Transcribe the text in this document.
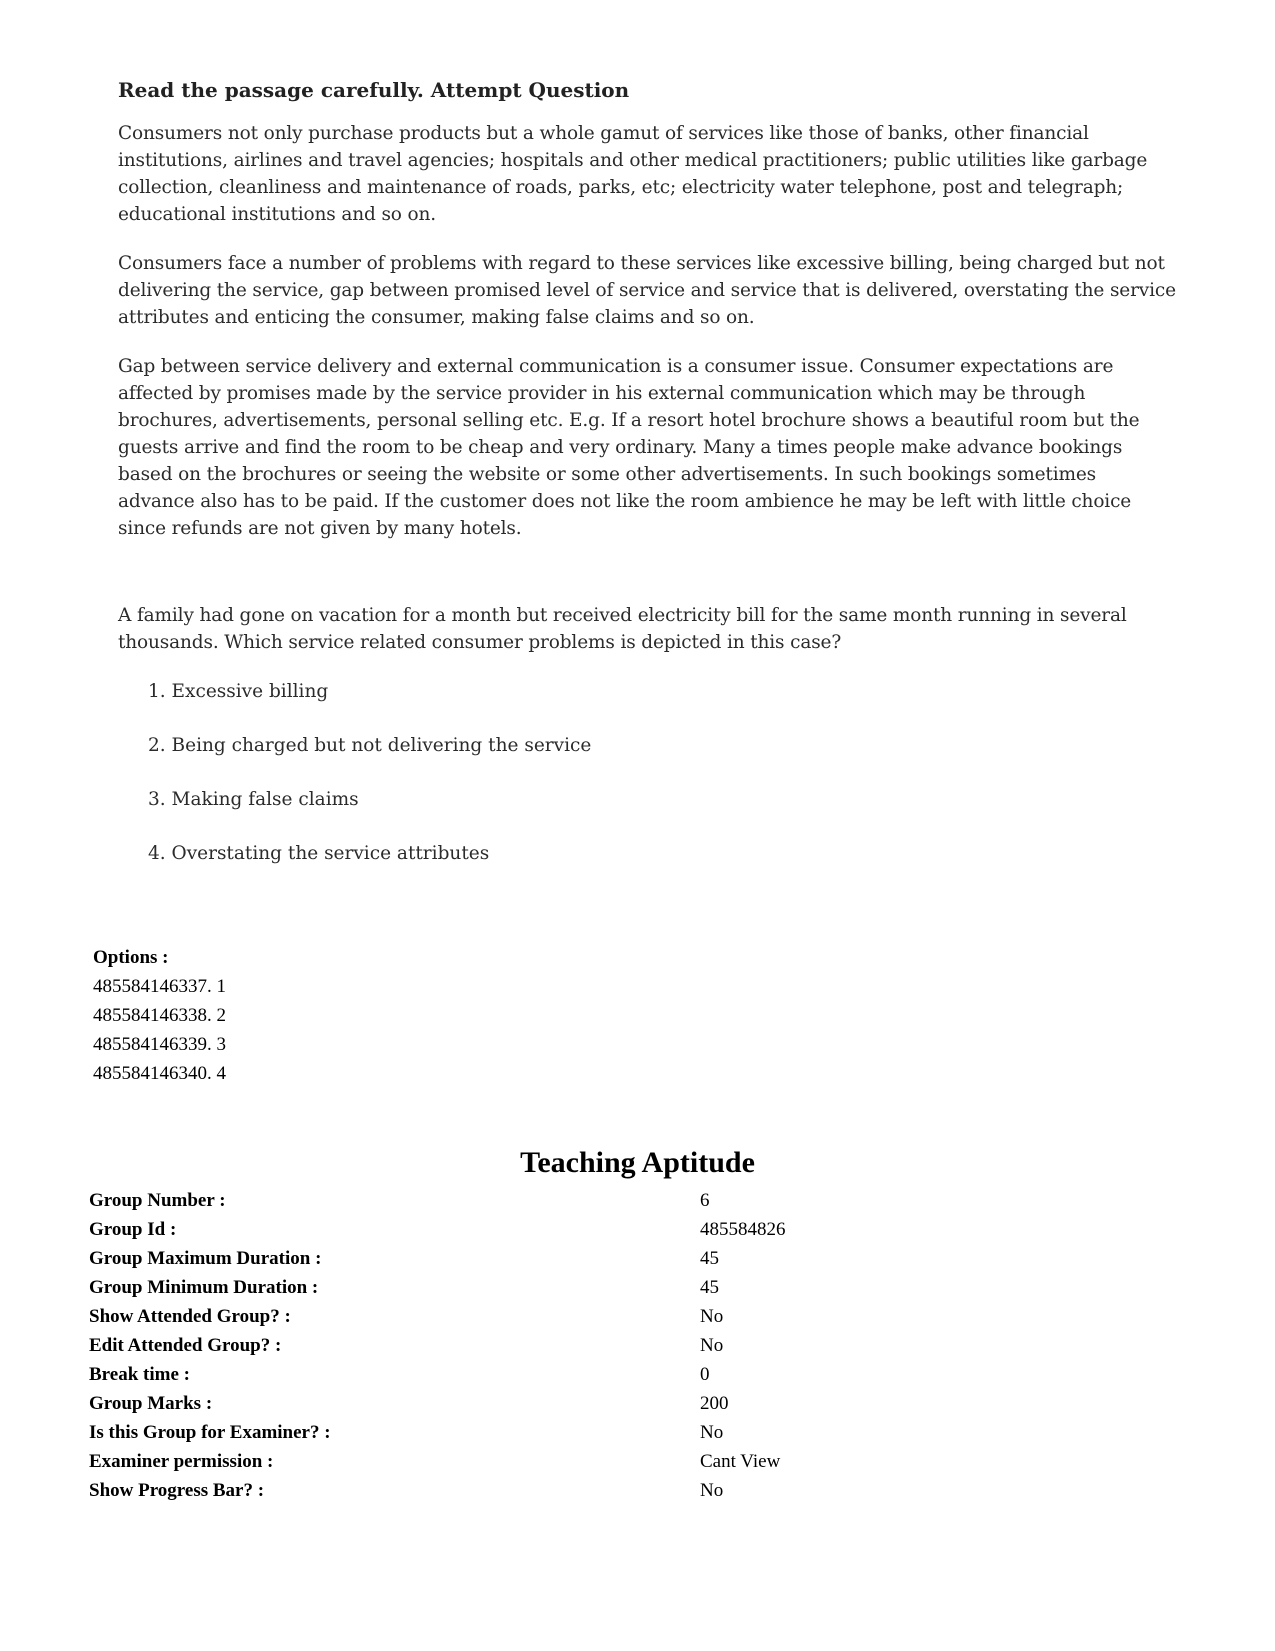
Read the passage carefully. Attempt Question

Consumers not only purchase products but a whole gamut of services like those of banks, other financial institutions, airlines and travel agencies; hospitals and other medical practitioners; public utilities like garbage collection, cleanliness and maintenance of roads, parks, etc; electricity water telephone, post and telegraph; educational institutions and so on.

Consumers face a number of problems with regard to these services like excessive billing, being charged but not delivering the service, gap between promised level of service and service that is delivered, overstating the service attributes and enticing the consumer, making false claims and so on.

Gap between service delivery and external communication is a consumer issue. Consumer expectations are affected by promises made by the service provider in his external communication which may be through brochures, advertisements, personal selling etc. E.g. If a resort hotel brochure shows a beautiful room but the guests arrive and find the room to be cheap and very ordinary. Many a times people make advance bookings based on the brochures or seeing the website or some other advertisements. In such bookings sometimes advance also has to be paid. If the customer does not like the room ambience he may be left with little choice since refunds are not given by many hotels.

A family had gone on vacation for a month but received electricity bill for the same month running in several thousands. Which service related consumer problems is depicted in this case?

1. Excessive billing
2. Being charged but not delivering the service
3. Making false claims
4. Overstating the service attributes
Options :
485584146337. 1
485584146338. 2
485584146339. 3
485584146340. 4
Teaching Aptitude
Group Number :	6
Group Id :	485584826
Group Maximum Duration :	45
Group Minimum Duration :	45
Show Attended Group? :	No
Edit Attended Group? :	No
Break time :	0
Group Marks :	200
Is this Group for Examiner? :	No
Examiner permission :	Cant View
Show Progress Bar? :	No
